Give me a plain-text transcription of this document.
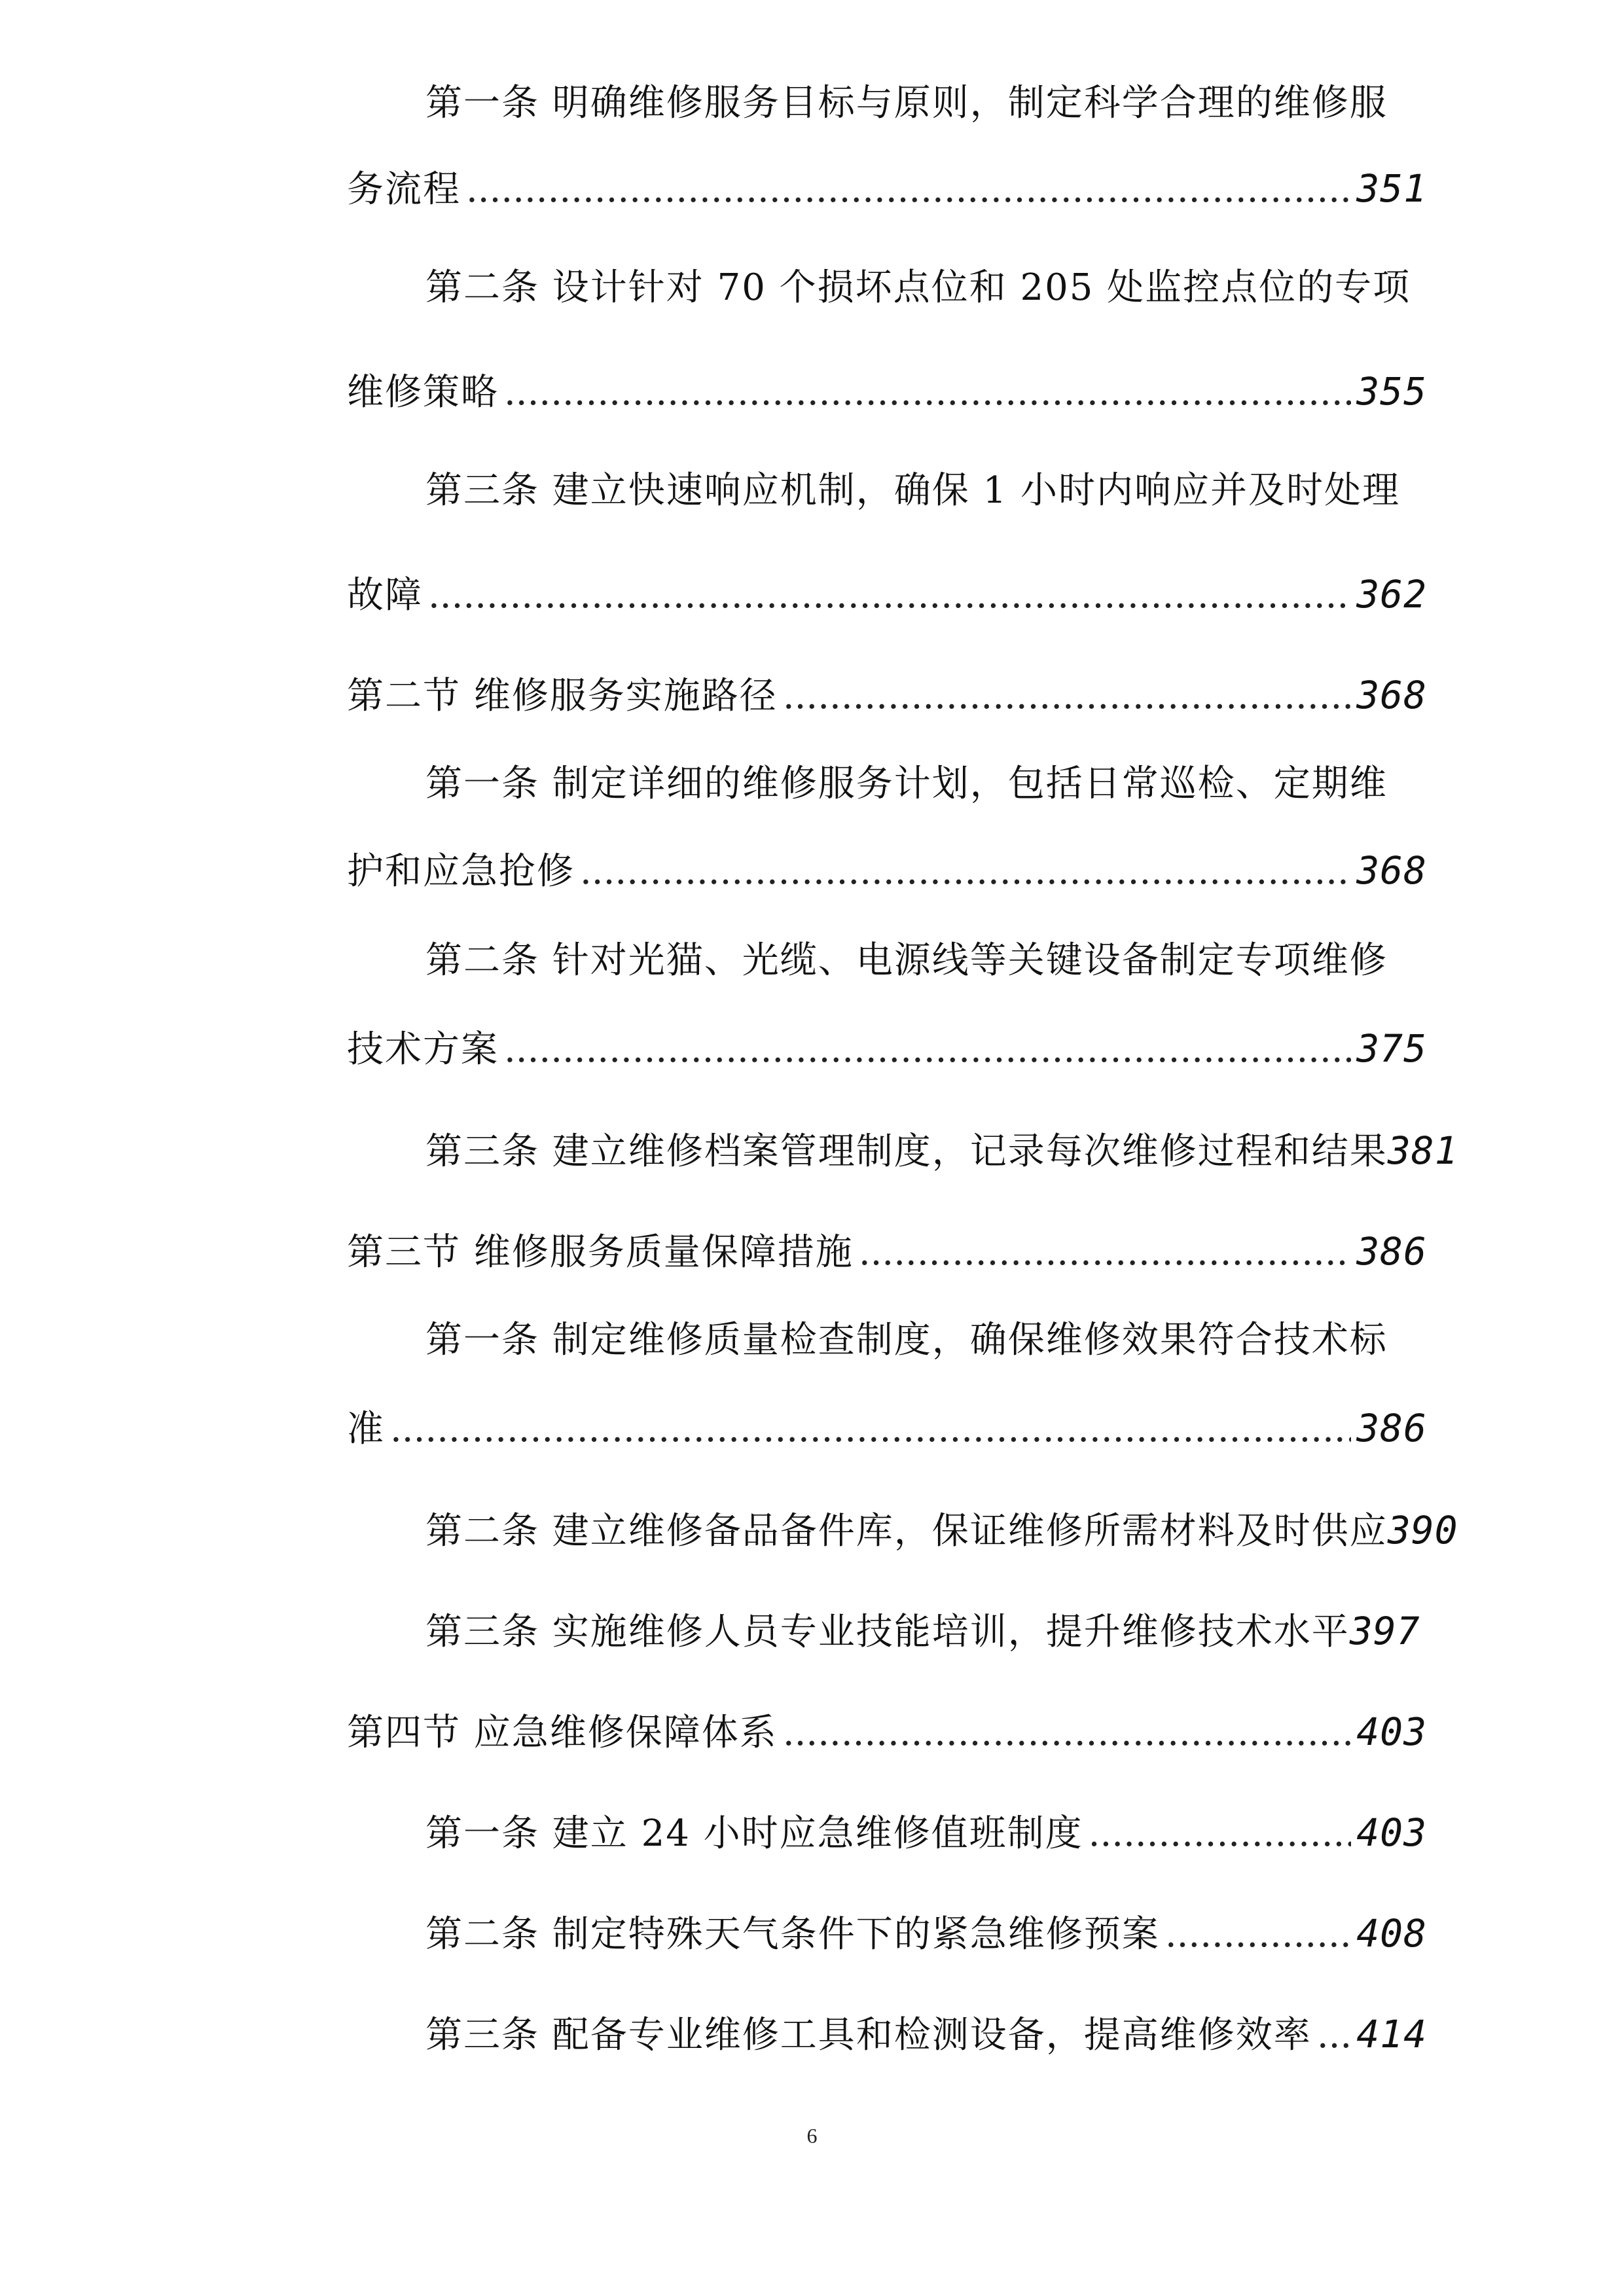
第一条 明确维修服务目标与原则，制定科学合理的维修服
务流程 .....	351
第二条 设计针对 70 个损坏点位和 205 处监控点位的专项
维修策略 .....	355
第三条 建立快速响应机制，确保 1 小时内响应并及时处理
故障 .....	362
第二节 维修服务实施路径 .....	368
第一条 制定详细的维修服务计划，包括日常巡检、定期维
护和应急抢修 .....	368
第二条 针对光猫、光缆、电源线等关键设备制定专项维修
技术方案 .....	375
第三条 建立维修档案管理制度，记录每次维修过程和结果381
第三节 维修服务质量保障措施 .....	386
第一条 制定维修质量检查制度，确保维修效果符合技术标
准 .....	386
第二条 建立维修备品备件库，保证维修所需材料及时供应390
第三条 实施维修人员专业技能培训，提升维修技术水平397
第四节 应急维修保障体系 .....	403
第一条 建立 24 小时应急维修值班制度 .....	403
第二条 制定特殊天气条件下的紧急维修预案 .....	408
第三条 配备专业维修工具和检测设备，提高维修效率 ..... 414
6
